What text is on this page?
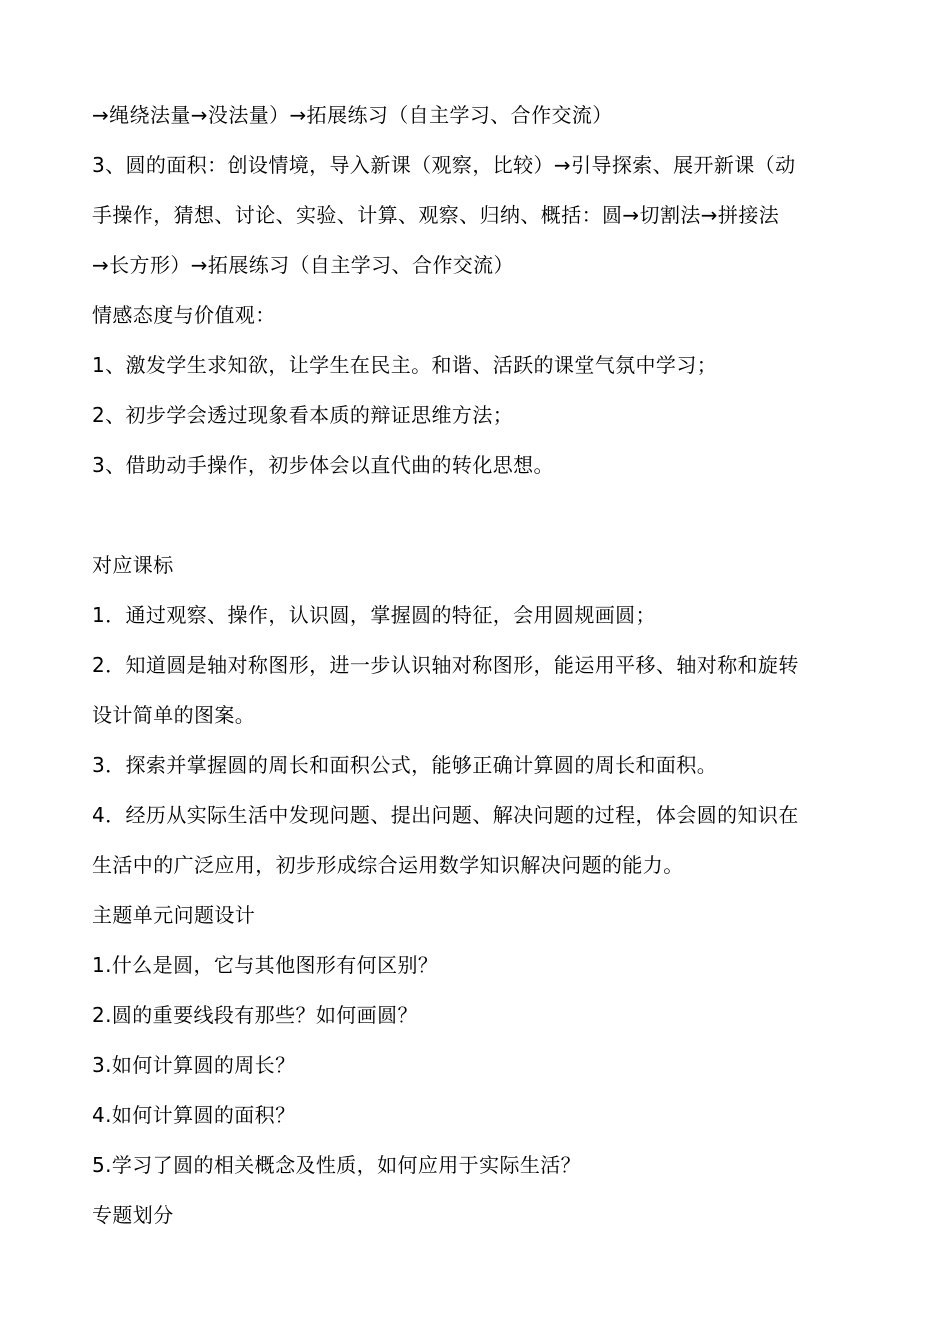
→绳绕法量→没法量）→拓展练习（自主学习、合作交流）
3、圆的面积：创设情境，导入新课（观察，比较）→引导探索、展开新课（动
手操作，猜想、讨论、实验、计算、观察、归纳、概括：圆→切割法→拼接法
→长方形）→拓展练习（自主学习、合作交流）
情感态度与价值观：
1、激发学生求知欲，让学生在民主。和谐、活跃的课堂气氛中学习；
2、初步学会透过现象看本质的辩证思维方法；
3、借助动手操作，初步体会以直代曲的转化思想。
对应课标
1．通过观察、操作，认识圆，掌握圆的特征，会用圆规画圆；
2．知道圆是轴对称图形，进一步认识轴对称图形，能运用平移、轴对称和旋转
设计简单的图案。
3．探索并掌握圆的周长和面积公式，能够正确计算圆的周长和面积。
4．经历从实际生活中发现问题、提出问题、解决问题的过程，体会圆的知识在
生活中的广泛应用，初步形成综合运用数学知识解决问题的能力。
主题单元问题设计
1.什么是圆，它与其他图形有何区别？
2.圆的重要线段有那些？如何画圆？
3.如何计算圆的周长？
4.如何计算圆的面积？
5.学习了圆的相关概念及性质，如何应用于实际生活？
专题划分
